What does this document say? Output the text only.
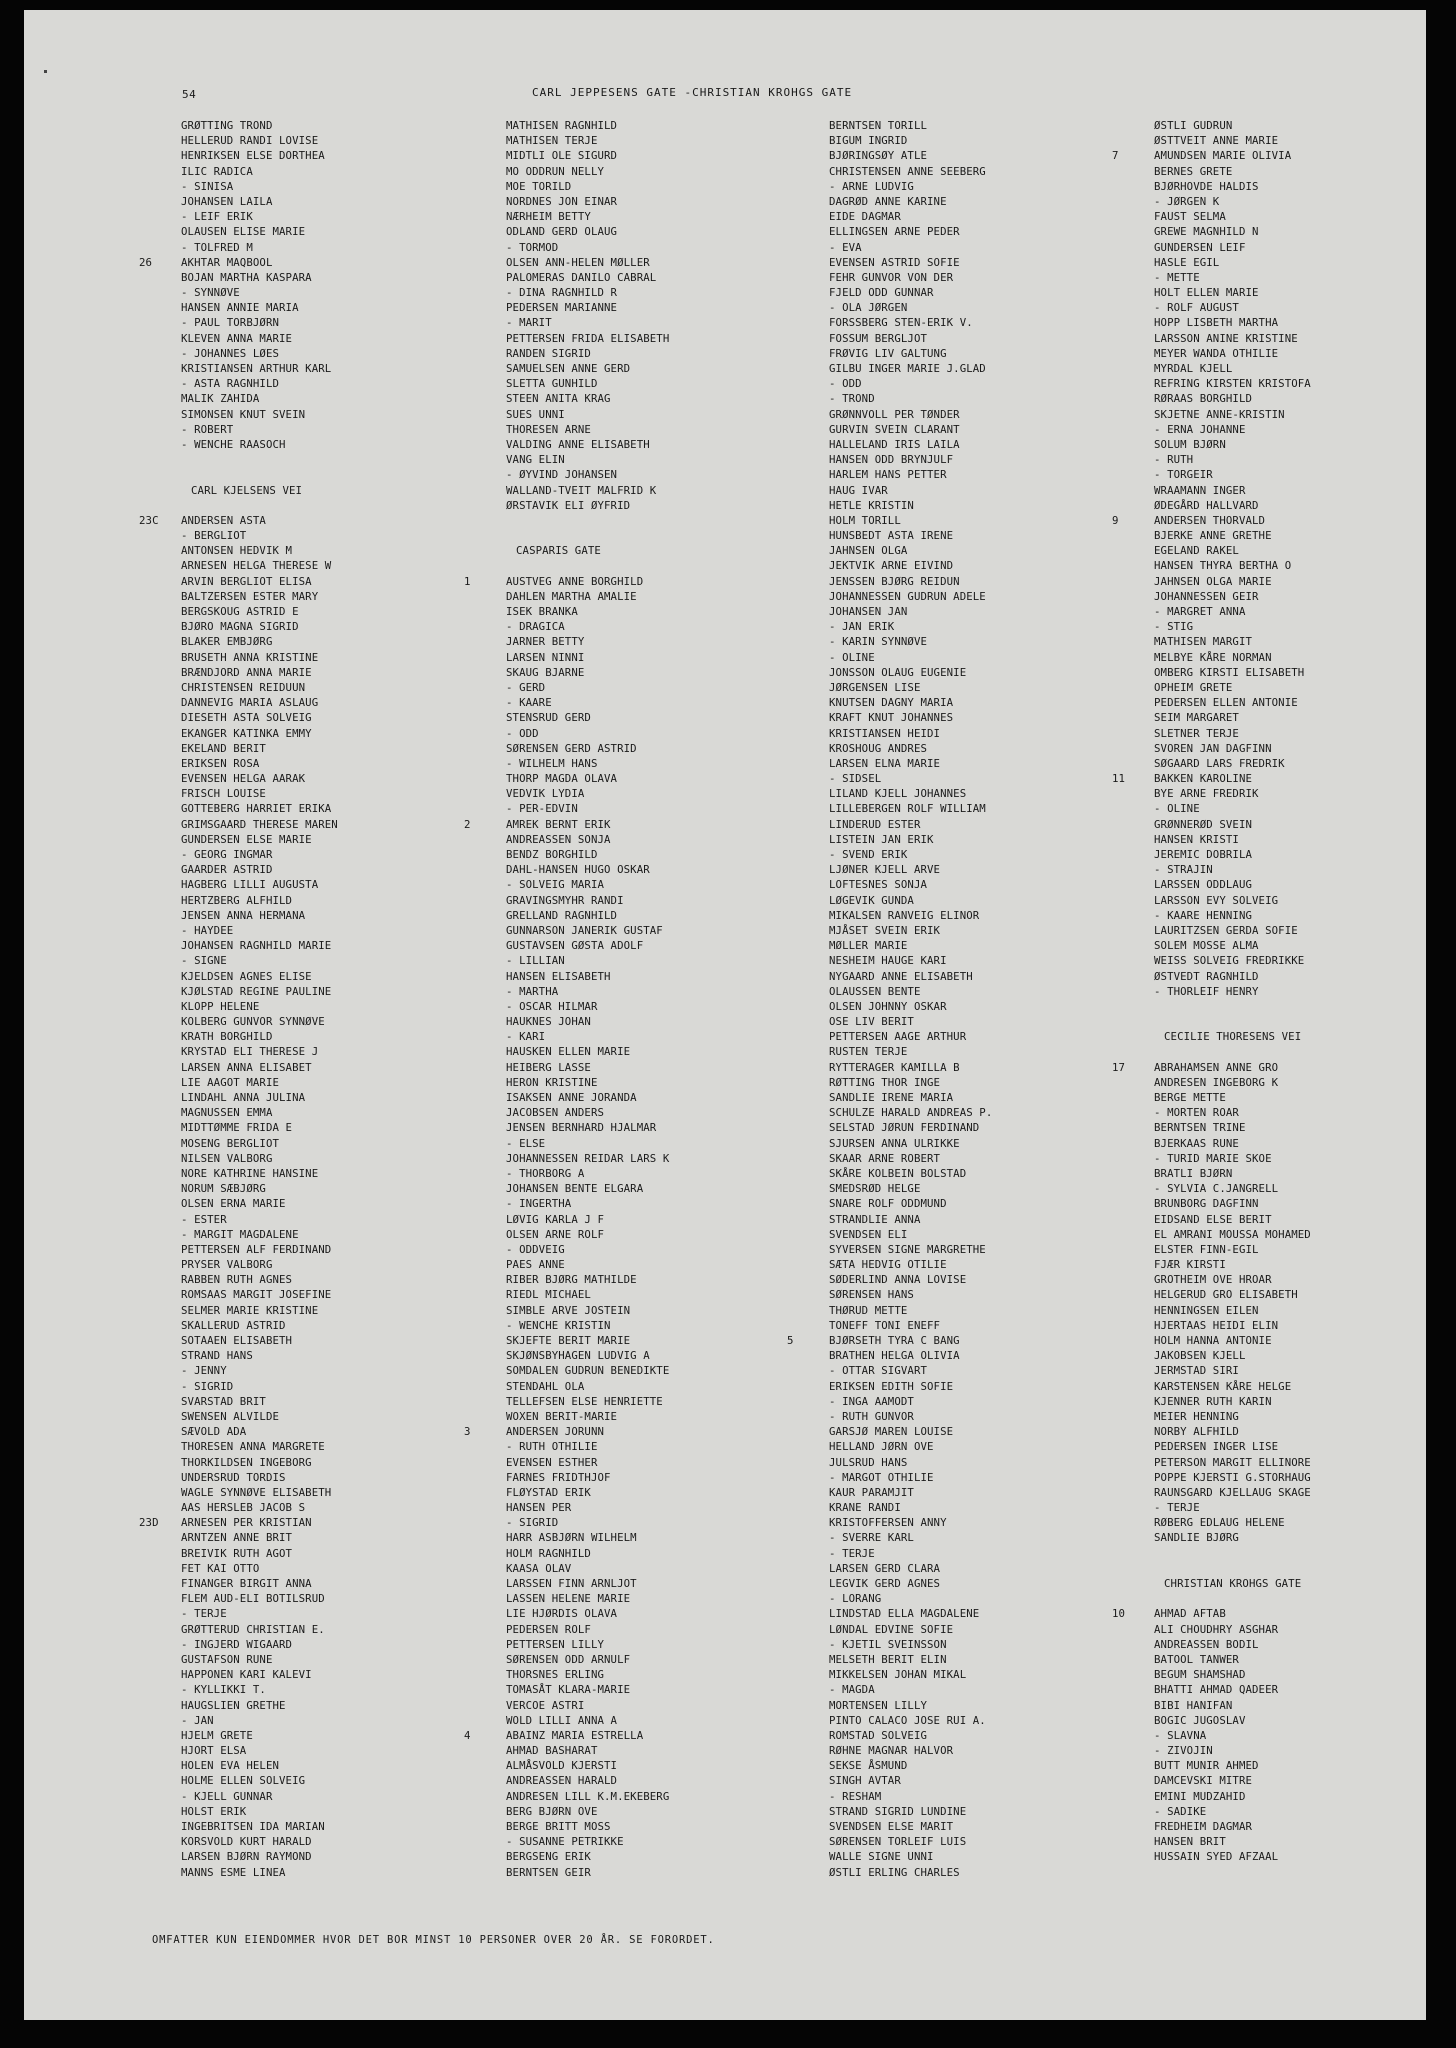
54	CARL JEPPESENS GATE -CHRISTIAN KROHGS GATE
GRØTTING TROND
HELLERUD RANDI LOVISE
HENRIKSEN ELSE DORTHEA
ILIC RADICA
- SINISA
JOHANSEN LAILA
- LEIF ERIK
OLAUSEN ELISE MARIE
- TOLFRED M
26	AKHTAR MAQBOOL
BOJAN MARTHA KASPARA
- SYNNØVE
HANSEN ANNIE MARIA
- PAUL TORBJØRN
KLEVEN ANNA MARIE
- JOHANNES LØES
KRISTIANSEN ARTHUR KARL
- ASTA RAGNHILD
MALIK ZAHIDA
SIMONSEN KNUT SVEIN
- ROBERT
- WENCHE RAASOCH
CARL KJELSENS VEI
23C	ANDERSEN ASTA
- BERGLIOT
ANTONSEN HEDVIK M
ARNESEN HELGA THERESE W
ARVIN BERGLIOT ELISA
BALTZERSEN ESTER MARY
BERGSKOUG ASTRID E
BJØRO MAGNA SIGRID
BLAKER EMBJØRG
BRUSETH ANNA KRISTINE
BRÆNDJORD ANNA MARIE
CHRISTENSEN REIDUUN
DANNEVIG MARIA ASLAUG
DIESETH ASTA SOLVEIG
EKANGER KATINKA EMMY
EKELAND BERIT
ERIKSEN ROSA
EVENSEN HELGA AARAK
FRISCH LOUISE
GOTTEBERG HARRIET ERIKA
GRIMSGAARD THERESE MAREN
GUNDERSEN ELSE MARIE
- GEORG INGMAR
GAARDER ASTRID
HAGBERG LILLI AUGUSTA
HERTZBERG ALFHILD
JENSEN ANNA HERMANA
- HAYDEE
JOHANSEN RAGNHILD MARIE
- SIGNE
KJELDSEN AGNES ELISE
KJØLSTAD REGINE PAULINE
KLOPP HELENE
KOLBERG GUNVOR SYNNØVE
KRATH BORGHILD
KRYSTAD ELI THERESE J
LARSEN ANNA ELISABET
LIE AAGOT MARIE
LINDAHL ANNA JULINA
MAGNUSSEN EMMA
MIDTTØMME FRIDA E
MOSENG BERGLIOT
NILSEN VALBORG
NORE KATHRINE HANSINE
NORUM SÆBJØRG
OLSEN ERNA MARIE
- ESTER
- MARGIT MAGDALENE
PETTERSEN ALF FERDINAND
PRYSER VALBORG
RABBEN RUTH AGNES
ROMSAAS MARGIT JOSEFINE
SELMER MARIE KRISTINE
SKALLERUD ASTRID
SOTAAEN ELISABETH
STRAND HANS
- JENNY
- SIGRID
SVARSTAD BRIT
SWENSEN ALVILDE
SÆVOLD ADA
THORESEN ANNA MARGRETE
THORKILDSEN INGEBORG
UNDERSRUD TORDIS
WAGLE SYNNØVE ELISABETH
AAS HERSLEB JACOB S
23D	ARNESEN PER KRISTIAN
ARNTZEN ANNE BRIT
BREIVIK RUTH AGOT
FET KAI OTTO
FINANGER BIRGIT ANNA
FLEM AUD-ELI BOTILSRUD
- TERJE
GRØTTERUD CHRISTIAN E.
- INGJERD WIGAARD
GUSTAFSON RUNE
HAPPONEN KARI KALEVI
- KYLLIKKI T.
HAUGSLIEN GRETHE
- JAN
HJELM GRETE
HJORT ELSA
HOLEN EVA HELEN
HOLME ELLEN SOLVEIG
- KJELL GUNNAR
HOLST ERIK
INGEBRITSEN IDA MARIAN
KORSVOLD KURT HARALD
LARSEN BJØRN RAYMOND
MANNS ESME LINEA
MATHISEN RAGNHILD
MATHISEN TERJE
MIDTLI OLE SIGURD
MO ODDRUN NELLY
MOE TORILD
NORDNES JON EINAR
NÆRHEIM BETTY
ODLAND GERD OLAUG
- TORMOD
OLSEN ANN-HELEN MØLLER
PALOMERAS DANILO CABRAL
- DINA RAGNHILD R
PEDERSEN MARIANNE
- MARIT
PETTERSEN FRIDA ELISABETH
RANDEN SIGRID
SAMUELSEN ANNE GERD
SLETTA GUNHILD
STEEN ANITA KRAG
SUES UNNI
THORESEN ARNE
VALDING ANNE ELISABETH
VANG ELIN
- ØYVIND JOHANSEN
WALLAND-TVEIT MALFRID K
ØRSTAVIK ELI ØYFRID
CASPARIS GATE
1	AUSTVEG ANNE BORGHILD
DAHLEN MARTHA AMALIE
ISEK BRANKA
- DRAGICA
JARNER BETTY
LARSEN NINNI
SKAUG BJARNE
- GERD
- KAARE
STENSRUD GERD
- ODD
SØRENSEN GERD ASTRID
- WILHELM HANS
THORP MAGDA OLAVA
VEDVIK LYDIA
- PER-EDVIN
2	AMREK BERNT ERIK
ANDREASSEN SONJA
BENDZ BORGHILD
DAHL-HANSEN HUGO OSKAR
- SOLVEIG MARIA
GRAVINGSMYHR RANDI
GRELLAND RAGNHILD
GUNNARSON JANERIK GUSTAF
GUSTAVSEN GØSTA ADOLF
- LILLIAN
HANSEN ELISABETH
- MARTHA
- OSCAR HILMAR
HAUKNES JOHAN
- KARI
HAUSKEN ELLEN MARIE
HEIBERG LASSE
HERON KRISTINE
ISAKSEN ANNE JORANDA
JACOBSEN ANDERS
JENSEN BERNHARD HJALMAR
- ELSE
JOHANNESSEN REIDAR LARS K
- THORBORG A
JOHANSEN BENTE ELGARA
- INGERTHA
LØVIG KARLA J F
OLSEN ARNE ROLF
- ODDVEIG
PAES ANNE
RIBER BJØRG MATHILDE
RIEDL MICHAEL
SIMBLE ARVE JOSTEIN
- WENCHE KRISTIN
SKJEFTE BERIT MARIE
SKJØNSBYHAGEN LUDVIG A
SOMDALEN GUDRUN BENEDIKTE
STENDAHL OLA
TELLEFSEN ELSE HENRIETTE
WOXEN BERIT-MARIE
3	ANDERSEN JORUNN
- RUTH OTHILIE
EVENSEN ESTHER
FARNES FRIDTHJOF
FLØYSTAD ERIK
HANSEN PER
- SIGRID
HARR ASBJØRN WILHELM
HOLM RAGNHILD
KAASA OLAV
LARSSEN FINN ARNLJOT
LASSEN HELENE MARIE
LIE HJØRDIS OLAVA
PEDERSEN ROLF
PETTERSEN LILLY
SØRENSEN ODD ARNULF
THORSNES ERLING
TOMASÅT KLARA-MARIE
VERCOE ASTRI
WOLD LILLI ANNA A
4	ABAINZ MARIA ESTRELLA
AHMAD BASHARAT
ALMÅSVOLD KJERSTI
ANDREASSEN HARALD
ANDRESEN LILL K.M.EKEBERG
BERG BJØRN OVE
BERGE BRITT MOSS
- SUSANNE PETRIKKE
BERGSENG ERIK
BERNTSEN GEIR
BERNTSEN TORILL
BIGUM INGRID
BJØRINGSØY ATLE
CHRISTENSEN ANNE SEEBERG
- ARNE LUDVIG
DAGRØD ANNE KARINE
EIDE DAGMAR
ELLINGSEN ARNE PEDER
- EVA
EVENSEN ASTRID SOFIE
FEHR GUNVOR VON DER
FJELD ODD GUNNAR
- OLA JØRGEN
FORSSBERG STEN-ERIK V.
FOSSUM BERGLJOT
FRØVIG LIV GALTUNG
GILBU INGER MARIE J.GLAD
- ODD
- TROND
GRØNNVOLL PER TØNDER
GURVIN SVEIN CLARANT
HALLELAND IRIS LAILA
HANSEN ODD BRYNJULF
HARLEM HANS PETTER
HAUG IVAR
HETLE KRISTIN
HOLM TORILL
HUNSBEDT ASTA IRENE
JAHNSEN OLGA
JEKTVIK ARNE EIVIND
JENSSEN BJØRG REIDUN
JOHANNESSEN GUDRUN ADELE
JOHANSEN JAN
- JAN ERIK
- KARIN SYNNØVE
- OLINE
JONSSON OLAUG EUGENIE
JØRGENSEN LISE
KNUTSEN DAGNY MARIA
KRAFT KNUT JOHANNES
KRISTIANSEN HEIDI
KROSHOUG ANDRES
LARSEN ELNA MARIE
- SIDSEL
LILAND KJELL JOHANNES
LILLEBERGEN ROLF WILLIAM
LINDERUD ESTER
LISTEIN JAN ERIK
- SVEND ERIK
LJØNER KJELL ARVE
LOFTESNES SONJA
LØGEVIK GUNDA
MIKALSEN RANVEIG ELINOR
MJÅSET SVEIN ERIK
MØLLER MARIE
NESHEIM HAUGE KARI
NYGAARD ANNE ELISABETH
OLAUSSEN BENTE
OLSEN JOHNNY OSKAR
OSE LIV BERIT
PETTERSEN AAGE ARTHUR
RUSTEN TERJE
RYTTERAGER KAMILLA B
RØTTING THOR INGE
SANDLIE IRENE MARIA
SCHULZE HARALD ANDREAS P.
SELSTAD JØRUN FERDINAND
SJURSEN ANNA ULRIKKE
SKAAR ARNE ROBERT
SKÅRE KOLBEIN BOLSTAD
SMEDSRØD HELGE
SNARE ROLF ODDMUND
STRANDLIE ANNA
SVENDSEN ELI
SYVERSEN SIGNE MARGRETHE
SÆTA HEDVIG OTILIE
SØDERLIND ANNA LOVISE
SØRENSEN HANS
THØRUD METTE
TONEFF TONI ENEFF
5	BJØRSETH TYRA C BANG
BRATHEN HELGA OLIVIA
- OTTAR SIGVART
ERIKSEN EDITH SOFIE
- INGA AAMODT
- RUTH GUNVOR
GARSJØ MAREN LOUISE
HELLAND JØRN OVE
JULSRUD HANS
- MARGOT OTHILIE
KAUR PARAMJIT
KRANE RANDI
KRISTOFFERSEN ANNY
- SVERRE KARL
- TERJE
LARSEN GERD CLARA
LEGVIK GERD AGNES
- LORANG
LINDSTAD ELLA MAGDALENE
LØNDAL EDVINE SOFIE
- KJETIL SVEINSSON
MELSETH BERIT ELIN
MIKKELSEN JOHAN MIKAL
- MAGDA
MORTENSEN LILLY
PINTO CALACO JOSE RUI A.
ROMSTAD SOLVEIG
RØHNE MAGNAR HALVOR
SEKSE ÅSMUND
SINGH AVTAR
- RESHAM
STRAND SIGRID LUNDINE
SVENDSEN ELSE MARIT
SØRENSEN TORLEIF LUIS
WALLE SIGNE UNNI
ØSTLI ERLING CHARLES
ØSTLI GUDRUN
ØSTTVEIT ANNE MARIE
7	AMUNDSEN MARIE OLIVIA
BERNES GRETE
BJØRHOVDE HALDIS
- JØRGEN K
FAUST SELMA
GREWE MAGNHILD N
GUNDERSEN LEIF
HASLE EGIL
- METTE
HOLT ELLEN MARIE
- ROLF AUGUST
HOPP LISBETH MARTHA
LARSSON ANINE KRISTINE
MEYER WANDA OTHILIE
MYRDAL KJELL
REFRING KIRSTEN KRISTOFA
RØRAAS BORGHILD
SKJETNE ANNE-KRISTIN
- ERNA JOHANNE
SOLUM BJØRN
- RUTH
- TORGEIR
WRAAMANN INGER
ØDEGÅRD HALLVARD
9	ANDERSEN THORVALD
BJERKE ANNE GRETHE
EGELAND RAKEL
HANSEN THYRA BERTHA O
JAHNSEN OLGA MARIE
JOHANNESSEN GEIR
- MARGRET ANNA
- STIG
MATHISEN MARGIT
MELBYE KÅRE NORMAN
OMBERG KIRSTI ELISABETH
OPHEIM GRETE
PEDERSEN ELLEN ANTONIE
SEIM MARGARET
SLETNER TERJE
SVOREN JAN DAGFINN
SØGAARD LARS FREDRIK
11	BAKKEN KAROLINE
BYE ARNE FREDRIK
- OLINE
GRØNNERØD SVEIN
HANSEN KRISTI
JEREMIC DOBRILA
- STRAJIN
LARSSEN ODDLAUG
LARSSON EVY SOLVEIG
- KAARE HENNING
LAURITZSEN GERDA SOFIE
SOLEM MOSSE ALMA
WEISS SOLVEIG FREDRIKKE
ØSTVEDT RAGNHILD
- THORLEIF HENRY
CECILIE THORESENS VEI
17	ABRAHAMSEN ANNE GRO
ANDRESEN INGEBORG K
BERGE METTE
- MORTEN ROAR
BERNTSEN TRINE
BJERKAAS RUNE
- TURID MARIE SKOE
BRATLI BJØRN
- SYLVIA C.JANGRELL
BRUNBORG DAGFINN
EIDSAND ELSE BERIT
EL AMRANI MOUSSA MOHAMED
ELSTER FINN-EGIL
FJÆR KIRSTI
GROTHEIM OVE HROAR
HELGERUD GRO ELISABETH
HENNINGSEN EILEN
HJERTAAS HEIDI ELIN
HOLM HANNA ANTONIE
JAKOBSEN KJELL
JERMSTAD SIRI
KARSTENSEN KÅRE HELGE
KJENNER RUTH KARIN
MEIER HENNING
NORBY ALFHILD
PEDERSEN INGER LISE
PETERSON MARGIT ELLINORE
POPPE KJERSTI G.STORHAUG
RAUNSGARD KJELLAUG SKAGE
- TERJE
RØBERG EDLAUG HELENE
SANDLIE BJØRG
CHRISTIAN KROHGS GATE
10	AHMAD AFTAB
ALI CHOUDHRY ASGHAR
ANDREASSEN BODIL
BATOOL TANWER
BEGUM SHAMSHAD
BHATTI AHMAD QADEER
BIBI HANIFAN
BOGIC JUGOSLAV
- SLAVNA
- ZIVOJIN
BUTT MUNIR AHMED
DAMCEVSKI MITRE
EMINI MUDZAHID
- SADIKE
FREDHEIM DAGMAR
HANSEN BRIT
HUSSAIN SYED AFZAAL
OMFATTER KUN EIENDOMMER HVOR DET BOR MINST 10 PERSONER OVER 20 ÅR. SE FORORDET.
